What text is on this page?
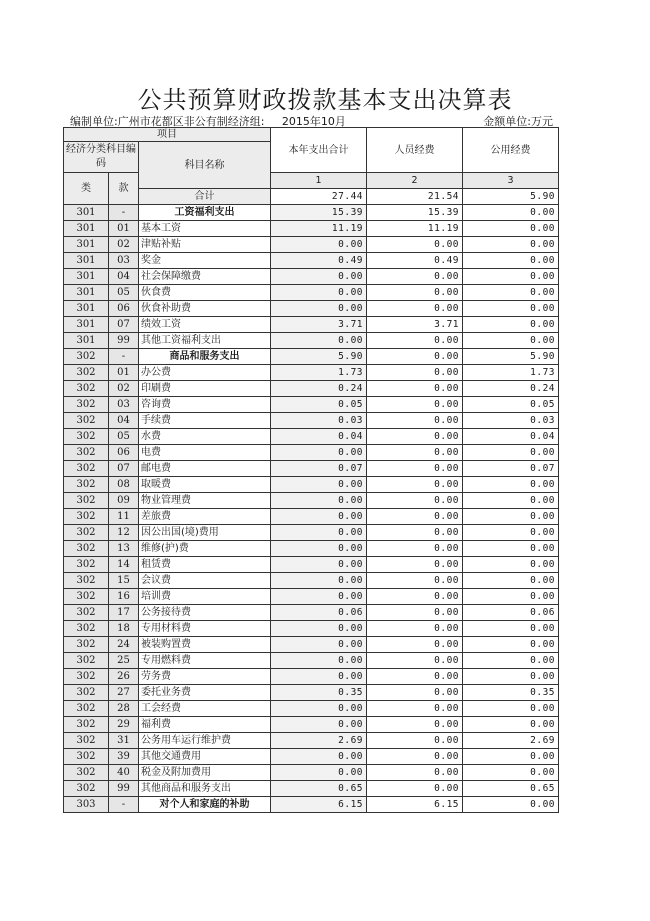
公共预算财政拨款基本支出决算表
编制单位:广州市花都区非公有制经济组: 2015年10月	金额单位:万元
项目			本年支出合计	人员经费	公用经费
经济分类科目编码		科目名称			

类	款		1	2	3
		合计	27.44	21.54	5.90
301	-	工资福利支出	15.39	15.39	0.00
301	01	基本工资	11.19	11.19	0.00
301	02	津贴补贴	0.00	0.00	0.00
301	03	奖金	0.49	0.49	0.00
301	04	社会保障缴费	0.00	0.00	0.00
301	05	伙食费	0.00	0.00	0.00
301	06	伙食补助费	0.00	0.00	0.00
301	07	绩效工资	3.71	3.71	0.00
301	99	其他工资福利支出	0.00	0.00	0.00
302	-	商品和服务支出	5.90	0.00	5.90
302	01	办公费	1.73	0.00	1.73
302	02	印刷费	0.24	0.00	0.24
302	03	咨询费	0.05	0.00	0.05
302	04	手续费	0.03	0.00	0.03
302	05	水费	0.04	0.00	0.04
302	06	电费	0.00	0.00	0.00
302	07	邮电费	0.07	0.00	0.07
302	08	取暖费	0.00	0.00	0.00
302	09	物业管理费	0.00	0.00	0.00
302	11	差旅费	0.00	0.00	0.00
302	12	因公出国(境)费用	0.00	0.00	0.00
302	13	维修(护)费	0.00	0.00	0.00
302	14	租赁费	0.00	0.00	0.00
302	15	会议费	0.00	0.00	0.00
302	16	培训费	0.00	0.00	0.00
302	17	公务接待费	0.06	0.00	0.06
302	18	专用材料费	0.00	0.00	0.00
302	24	被装购置费	0.00	0.00	0.00
302	25	专用燃料费	0.00	0.00	0.00
302	26	劳务费	0.00	0.00	0.00
302	27	委托业务费	0.35	0.00	0.35
302	28	工会经费	0.00	0.00	0.00
302	29	福利费	0.00	0.00	0.00
302	31	公务用车运行维护费	2.69	0.00	2.69
302	39	其他交通费用	0.00	0.00	0.00
302	40	税金及附加费用	0.00	0.00	0.00
302	99	其他商品和服务支出	0.65	0.00	0.65
303	-	对个人和家庭的补助	6.15	6.15	0.00
